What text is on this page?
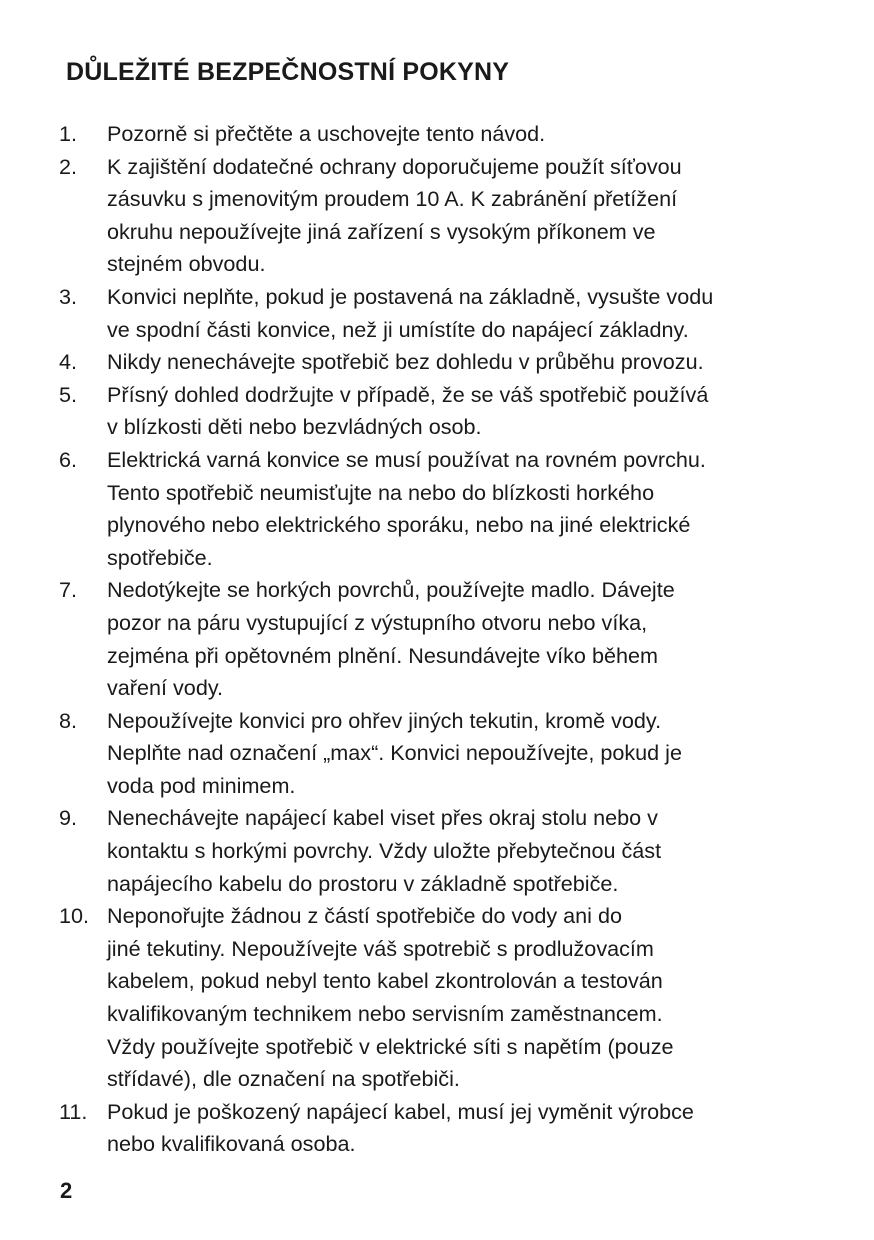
DŮLEŽITÉ BEZPEČNOSTNÍ POKYNY
1. Pozorně si přečtěte a uschovejte tento návod.
2. K zajištění dodatečné ochrany doporučujeme použít síťovou
zásuvku s jmenovitým proudem 10 A. K zabránění přetížení
okruhu nepoužívejte jiná zařízení s vysokým příkonem ve
stejném obvodu.
3. Konvici neplňte, pokud je postavená na základně, vysušte vodu
ve spodní části konvice, než ji umístíte do napájecí základny.
4. Nikdy nenechávejte spotřebič bez dohledu v průběhu provozu.
5. Přísný dohled dodržujte v případě, že se váš spotřebič používá
v blízkosti děti nebo bezvládných osob.
6. Elektrická varná konvice se musí používat na rovném povrchu.
Tento spotřebič neumisťujte na nebo do blízkosti horkého
plynového nebo elektrického sporáku, nebo na jiné elektrické
spotřebiče.
7. Nedotýkejte se horkých povrchů, používejte madlo. Dávejte
pozor na páru vystupující z výstupního otvoru nebo víka,
zejména při opětovném plnění. Nesundávejte víko během
vaření vody.
8. Nepoužívejte konvici pro ohřev jiných tekutin, kromě vody.
Neplňte nad označení „max“. Konvici nepoužívejte, pokud je
voda pod minimem.
9. Nenechávejte napájecí kabel viset přes okraj stolu nebo v
kontaktu s horkými povrchy. Vždy uložte přebytečnou část
napájecího kabelu do prostoru v základně spotřebiče.
10. Neponořujte žádnou z částí spotřebiče do vody ani do
jiné tekutiny. Nepoužívejte váš spotrebič s prodlužovacím
kabelem, pokud nebyl tento kabel zkontrolován a testován
kvalifikovaným technikem nebo servisním zaměstnancem.
Vždy používejte spotřebič v elektrické síti s napětím (pouze
střídavé), dle označení na spotřebiči.
11. Pokud je poškozený napájecí kabel, musí jej vyměnit výrobce
nebo kvalifikovaná osoba.
2
